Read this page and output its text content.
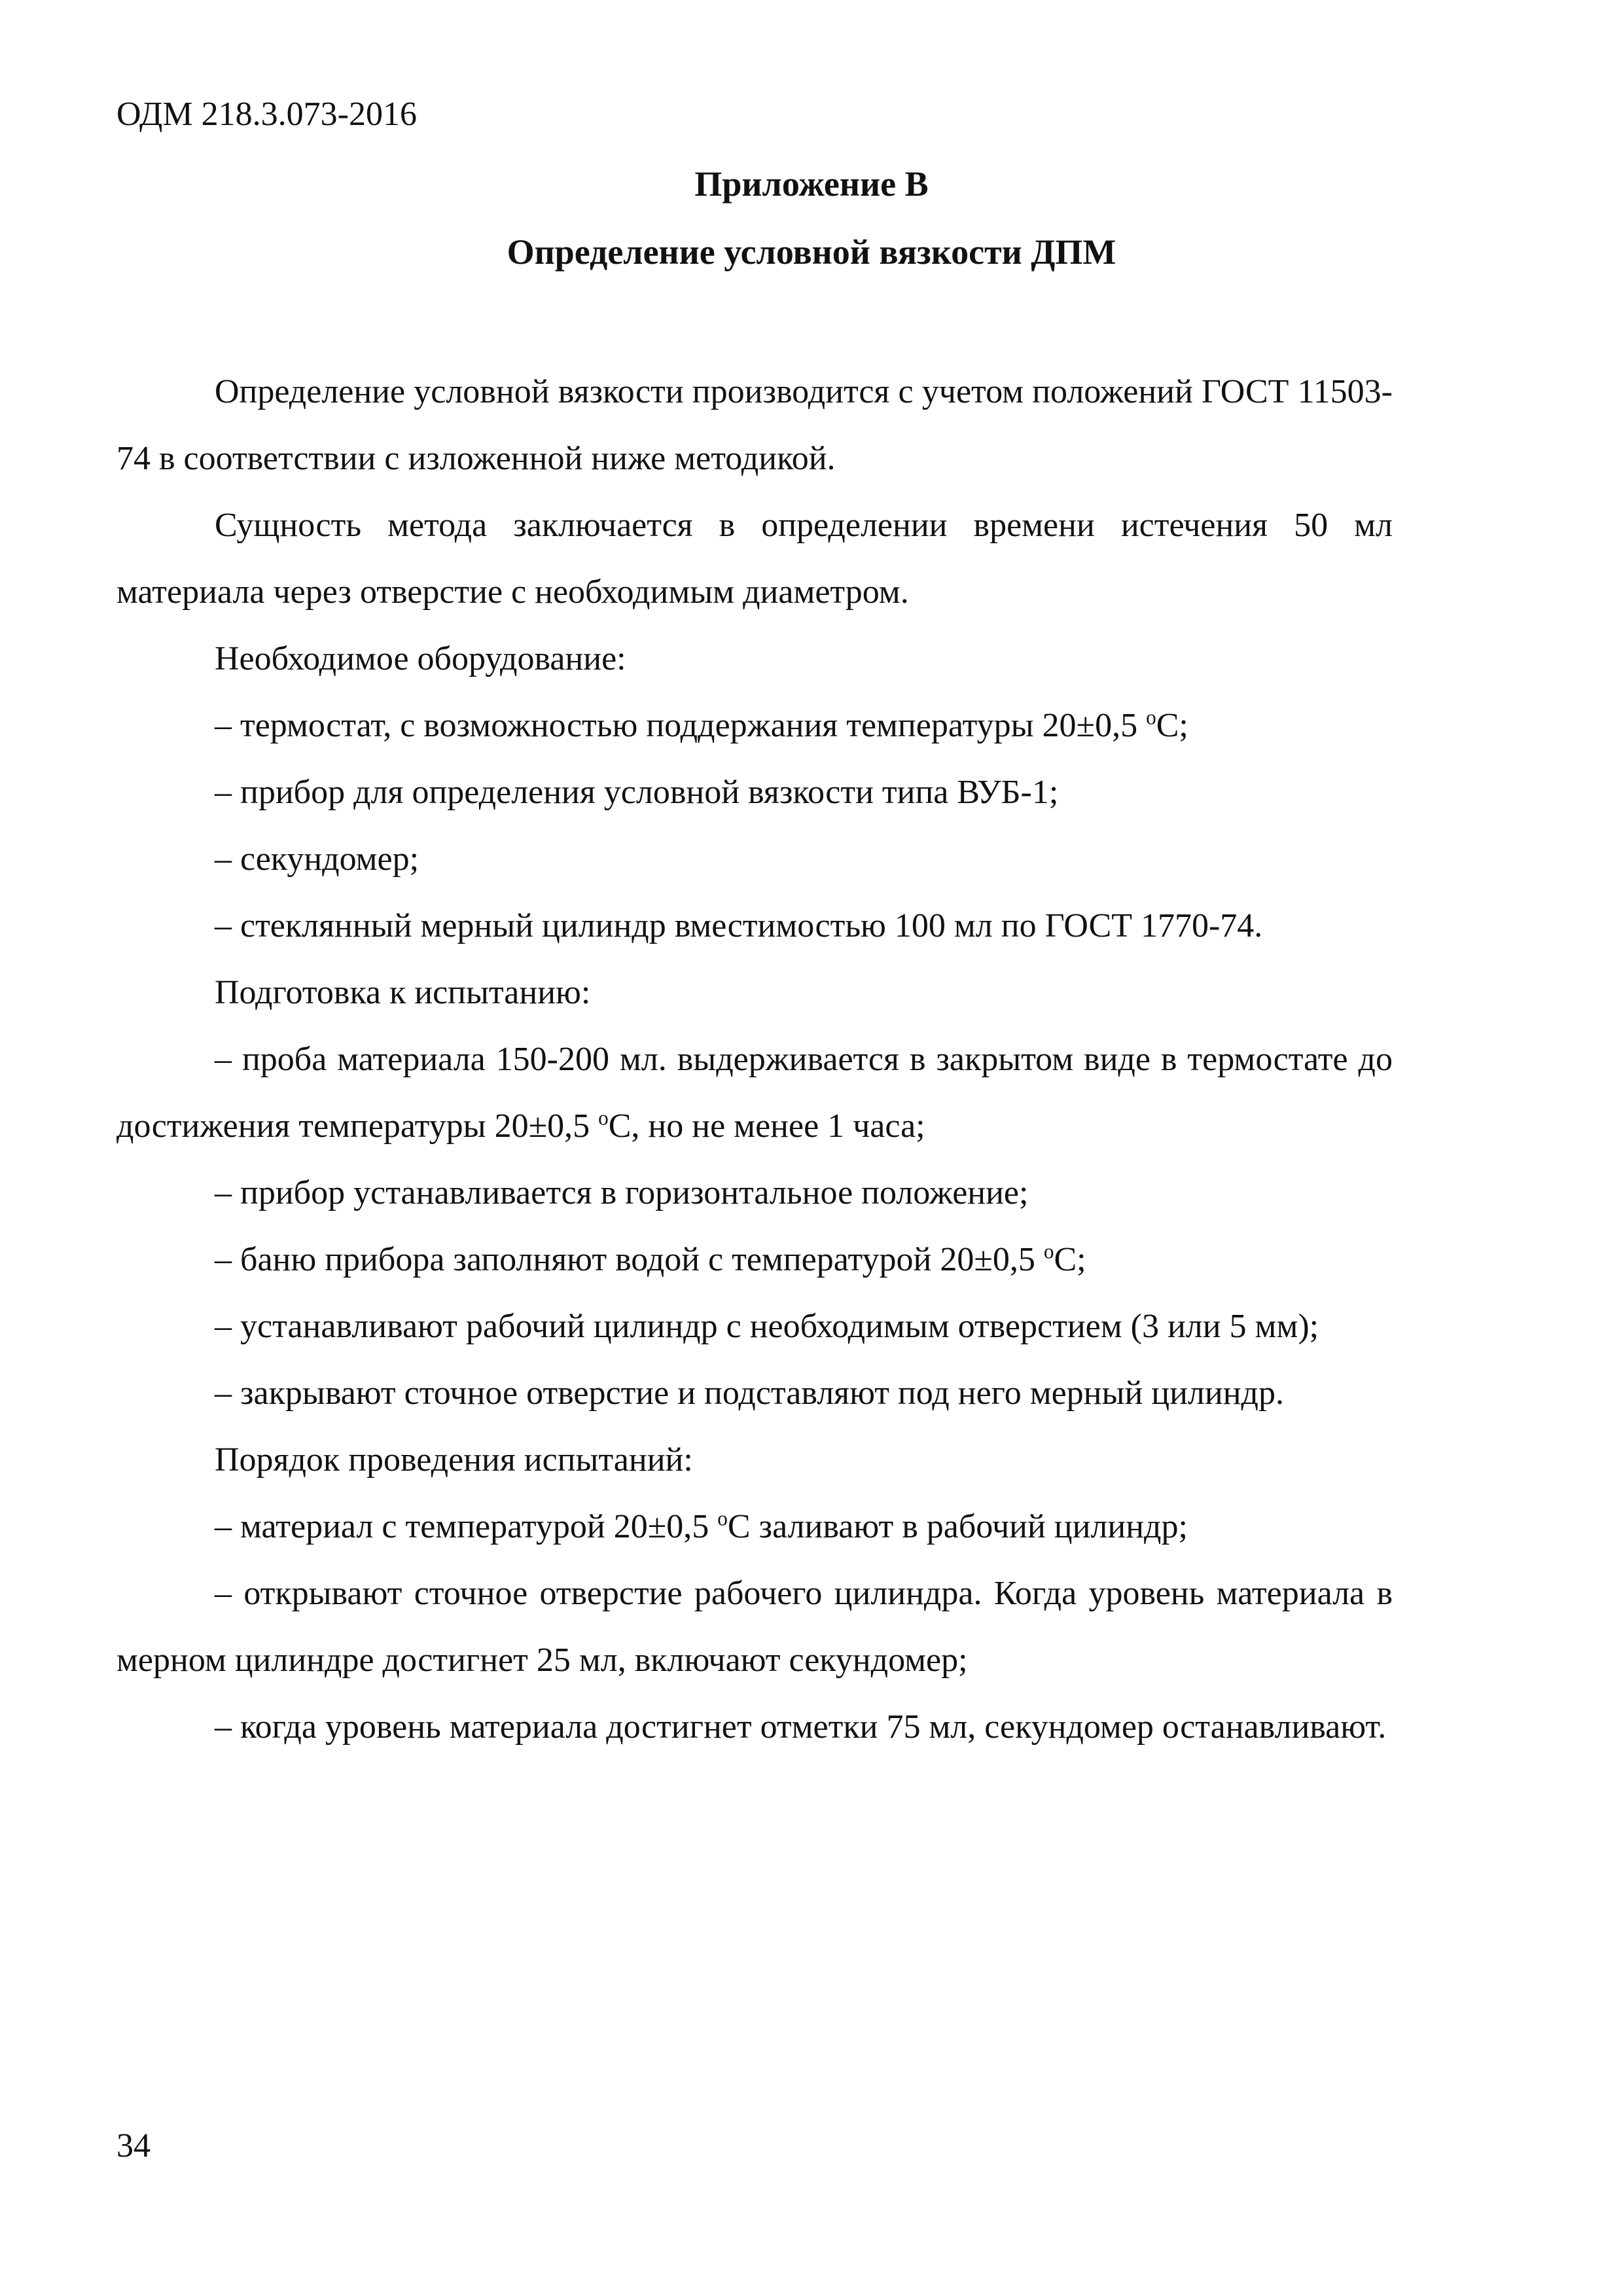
ОДМ 218.3.073-2016

Приложение В

Определение условной вязкости ДПМ

Определение условной вязкости производится с учетом положений ГОСТ 11503-74 в соответствии с изложенной ниже методикой.

Сущность метода заключается в определении времени истечения 50 мл материала через отверстие с необходимым диаметром.

Необходимое оборудование:

– термостат, с возможностью поддержания температуры 20±0,5 $^о$С;

– прибор для определения условной вязкости типа ВУБ-1;

– секундомер;

– стеклянный мерный цилиндр вместимостью 100 мл по ГОСТ 1770-74.

Подготовка к испытанию:

– проба материала 150-200 мл. выдерживается в закрытом виде в термостате до достижения температуры 20±0,5 $^о$С, но не менее 1 часа;

– прибор устанавливается в горизонтальное положение;

– баню прибора заполняют водой с температурой 20±0,5 $^о$С;

– устанавливают рабочий цилиндр с необходимым отверстием (3 или 5 мм);

– закрывают сточное отверстие и подставляют под него мерный цилиндр.

Порядок проведения испытаний:

– материал с температурой 20±0,5 $^о$С заливают в рабочий цилиндр;

– открывают сточное отверстие рабочего цилиндра. Когда уровень материала в мерном цилиндре достигнет 25 мл, включают секундомер;

– когда уровень материала достигнет отметки 75 мл, секундомер останавливают.

34
